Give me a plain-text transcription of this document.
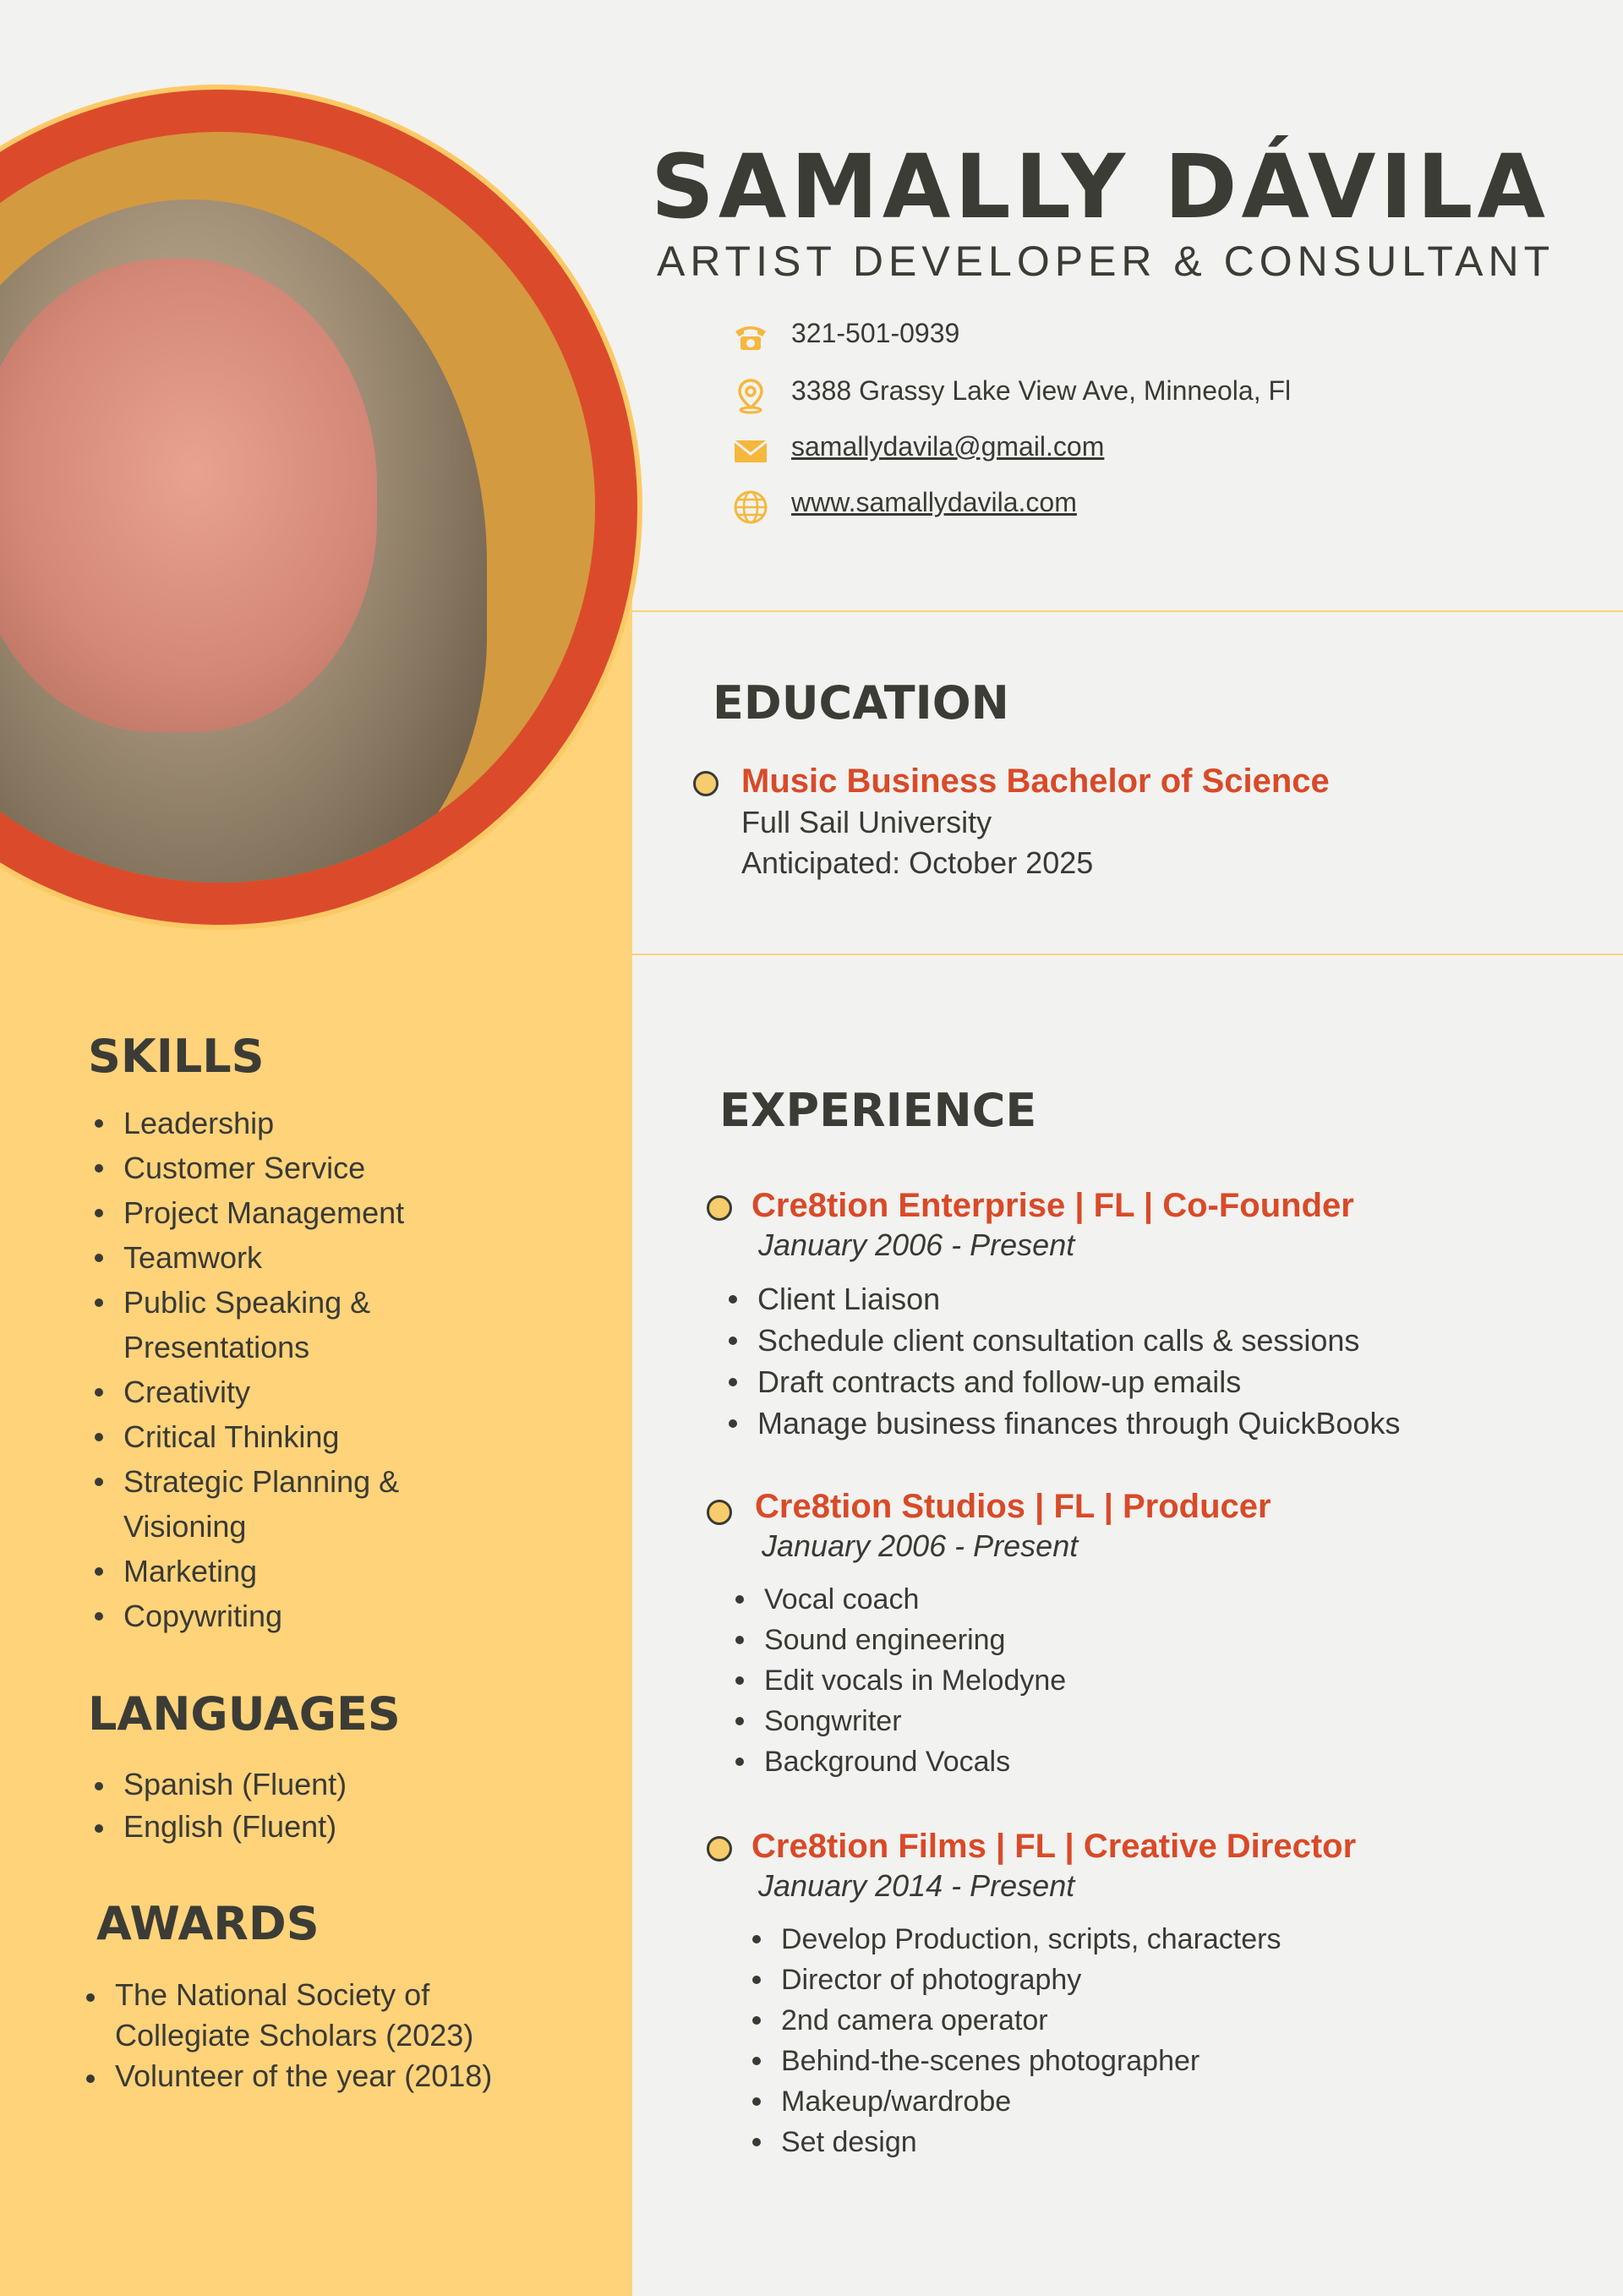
SAMALLY DÁVILA
ARTIST DEVELOPER & CONSULTANT
321-501-0939
3388 Grassy Lake View Ave, Minneola, Fl
samallydavila@gmail.com
www.samallydavila.com
EDUCATION
Music Business Bachelor of Science
Full Sail University
Anticipated: October 2025
SKILLS
Leadership
Customer Service
Project Management
Teamwork
Public Speaking &
Presentations
Creativity
Critical Thinking
Strategic Planning &
Visioning
Marketing
Copywriting
LANGUAGES
Spanish (Fluent)
English (Fluent)
AWARDS
The National Society of
Collegiate Scholars (2023)
Volunteer of the year (2018)
EXPERIENCE
Cre8tion Enterprise | FL | Co-Founder
January 2006 - Present
Client Liaison
Schedule client consultation calls & sessions
Draft contracts and follow-up emails
Manage business finances through QuickBooks
Cre8tion Studios | FL | Producer
January 2006 - Present
Vocal coach
Sound engineering
Edit vocals in Melodyne
Songwriter
Background Vocals
Cre8tion Films | FL | Creative Director
January 2014 - Present
Develop Production, scripts, characters
Director of photography
2nd camera operator
Behind-the-scenes photographer
Makeup/wardrobe
Set design
